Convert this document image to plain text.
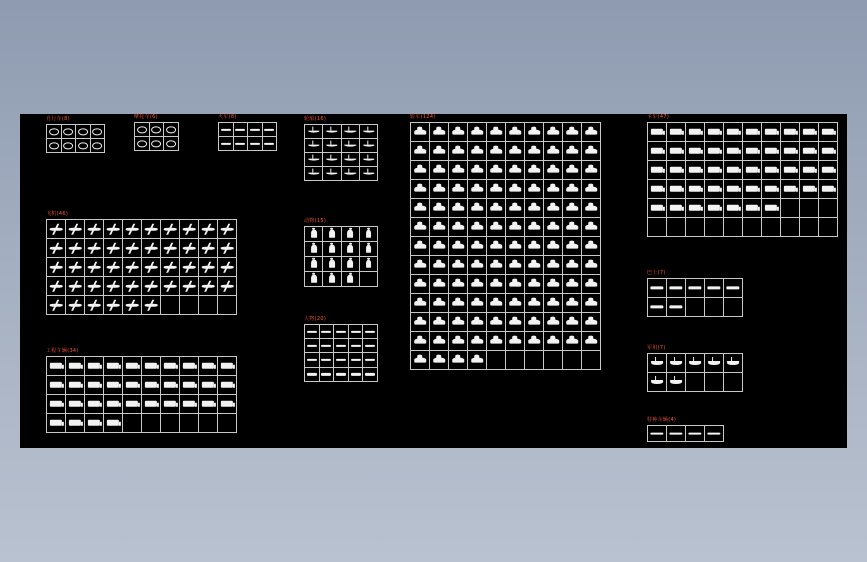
自行车(8)	摩托车(6)	火车(8)	轮船(16)	轿车(124)	卡车(47)
飞机(46)
动物(15)
人物(20)
工程车辆(34)
巴士(7)
军用(7)
特种车辆(4)
